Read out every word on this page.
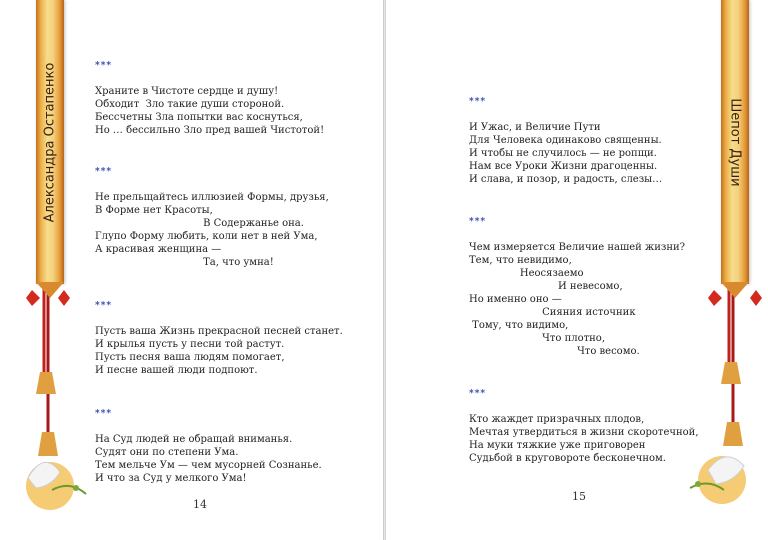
Александра Остапенко	Шепот Души
***
Храните в Чистоте сердце и душу!
Обходит  Зло такие души стороной.
Бессчетны Зла попытки вас коснуться,
Но … бессильно Зло пред вашей Чистотой!
***
Не прельщайтесь иллюзией Формы, друзья,
В Форме нет Красоты,
В Содержанье она.
Глупо Форму любить, коли нет в ней Ума,
А красивая женщина —
Та, что умна!
***
Пусть ваша Жизнь прекрасной песней станет.
И крылья пусть у песни той растут.
Пусть песня ваша людям помогает,
И песне вашей люди подпоют.
***
На Суд людей не обращай вниманья.
Судят они по степени Ума.
Тем мельче Ум — чем мусорней Сознанье.
И что за Суд у мелкого Ума!
14
***
И Ужас, и Величие Пути
Для Человека одинаково священны.
И чтобы не случилось — не ропщи.
Нам все Уроки Жизни драгоценны.
И слава, и позор, и радость, слезы…
***
Чем измеряется Величие нашей жизни?
Тем, что невидимо,
Неосязаемо
И невесомо,
Но именно оно —
Сияния источник
Тому, что видимо,
Что плотно,
Что весомо.
***
Кто жаждет призрачных плодов,
Мечтая утвердиться в жизни скоротечной,
На муки тяжкие уже приговорен
Судьбой в круговороте бесконечном.
15
